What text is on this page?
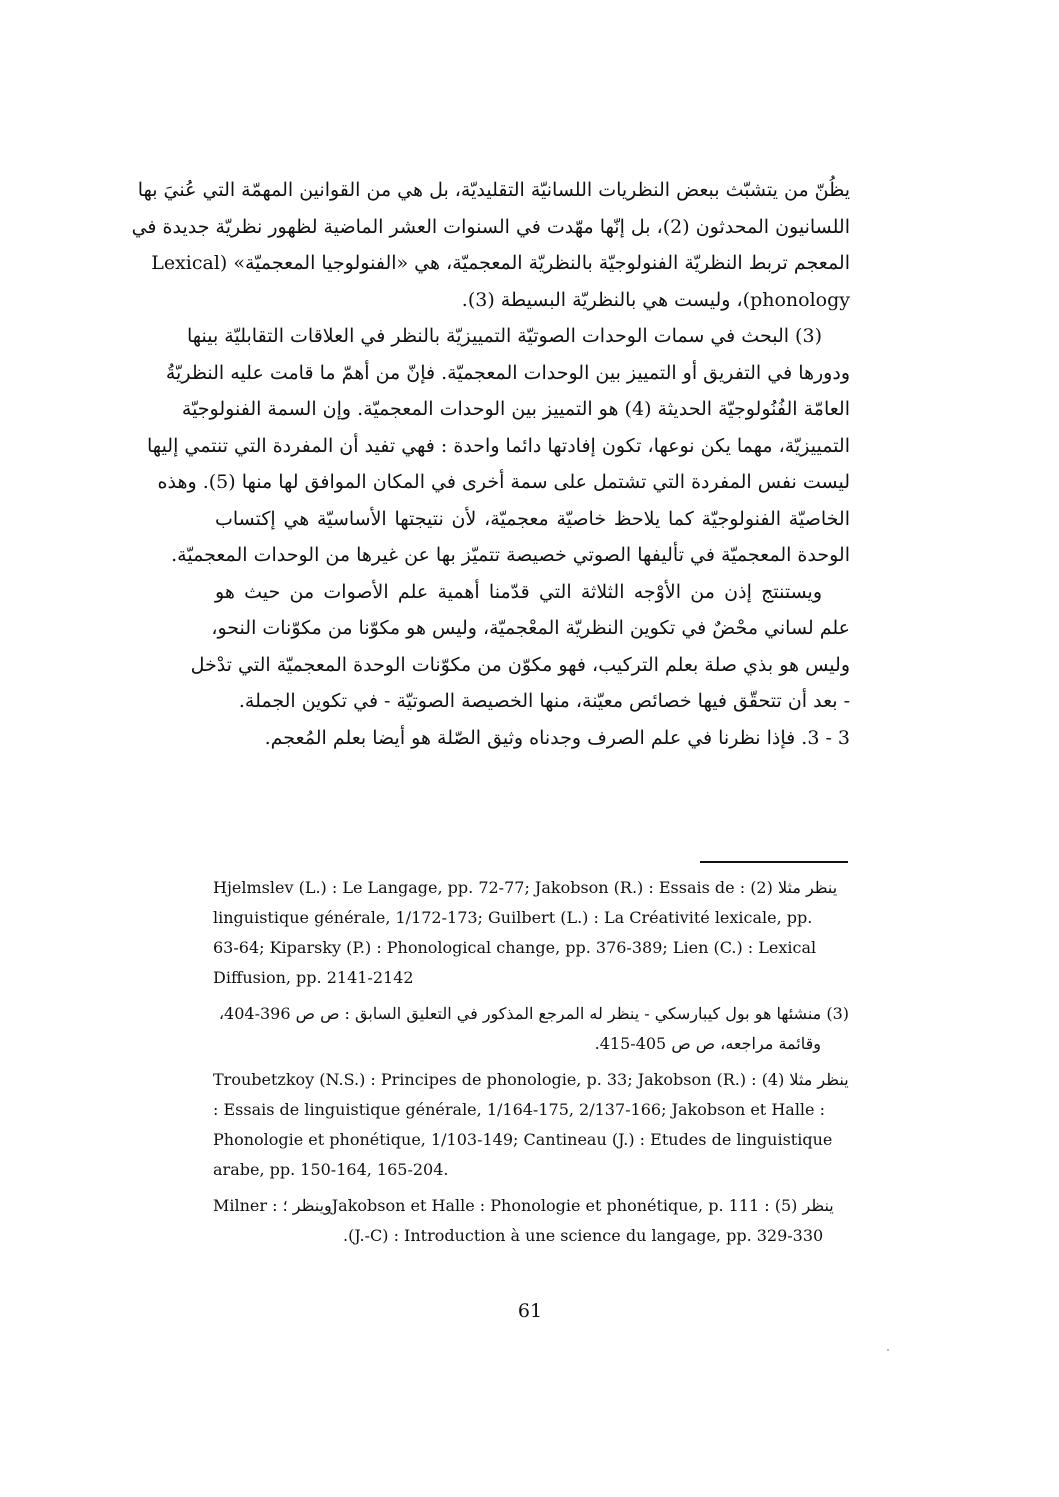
يظُنّ من يتشبّث ببعض النظريات اللسانيّة التقليديّة، بل هي من القوانين المهمّة التي عُنيَ بها
اللسانيون المحدثون (2)، بل إنّها مهّدت في السنوات العشر الماضية لظهور نظريّة جديدة في
المعجم تربط النظريّة الفنولوجيّة بالنظريّة المعجميّة، هي «الفنولوجيا المعجميّة» (Lexical
phonology)، وليست هي بالنظريّة البسيطة (3).
(3) البحث في سمات الوحدات الصوتيّة التمييزيّة بالنظر في العلاقات التقابليّة بينها
ودورها في التفريق أو التمييز بين الوحدات المعجميّة. فإنّ من أهمّ ما قامت عليه النظريّةُ
العامّة الفُنُولوجيّة الحديثة (4) هو التمييز بين الوحدات المعجميّة. وإن السمة الفنولوجيّة
التمييزيّة، مهما يكن نوعها، تكون إفادتها دائما واحدة : فهي تفيد أن المفردة التي تنتمي إليها
ليست نفس المفردة التي تشتمل على سمة أخرى في المكان الموافق لها منها (5). وهذه
الخاصيّة الفنولوجيّة كما يلاحظ خاصيّة معجميّة، لأن نتيجتها الأساسيّة هي إكتساب
الوحدة المعجميّة في تأليفها الصوتي خصيصة تتميّز بها عن غيرها من الوحدات المعجميّة.
ويستنتج إذن من الأوْجه الثلاثة التي قدّمنا أهمية علم الأصوات من حيث هو
علم لساني محْضٌ في تكوين النظريّة المعْجميّة، وليس هو مكوّنا من مكوّنات النحو،
وليس هو بذي صلة بعلم التركيب، فهو مكوّن من مكوّنات الوحدة المعجميّة التي تدْخل
- بعد أن تتحقّق فيها خصائص معيّنة، منها الخصيصة الصوتيّة - في تكوين الجملة.
3 - 3. فإذا نظرنا في علم الصرف وجدناه وثيق الصّلة هو أيضا بعلم المُعجم.
Hjelmslev (L.) : Le Langage, pp. 72-77; Jakobson (R.) : Essais de : (2) ينظر مثلا
linguistique générale, 1/172-173; Guilbert (L.) : La Créativité lexicale, pp.
63-64; Kiparsky (P.) : Phonological change, pp. 376-389; Lien (C.) : Lexical
Diffusion, pp. 2141-2142
(3) منشئها هو بول كيبارسكي - ينظر له المرجع المذكور في التعليق السابق : ص ص 396-404،
وقائمة مراجعه، ص ص 405-415.
Troubetzkoy (N.S.) : Principes de phonologie, p. 33; Jakobson (R.) : (4) ينظر مثلا
: Essais de linguistique générale, 1/164-175, 2/137-166; Jakobson et Halle :
Phonologie et phonétique, 1/103-149; Cantineau (J.) : Etudes de linguistique
arabe, pp. 150-164, 165-204.
Milner : وينظر ؛Jakobson et Halle : Phonologie et phonétique, p. 111 : (5) ينظر
.(J.-C) : Introduction à une science du langage, pp. 329-330
61
